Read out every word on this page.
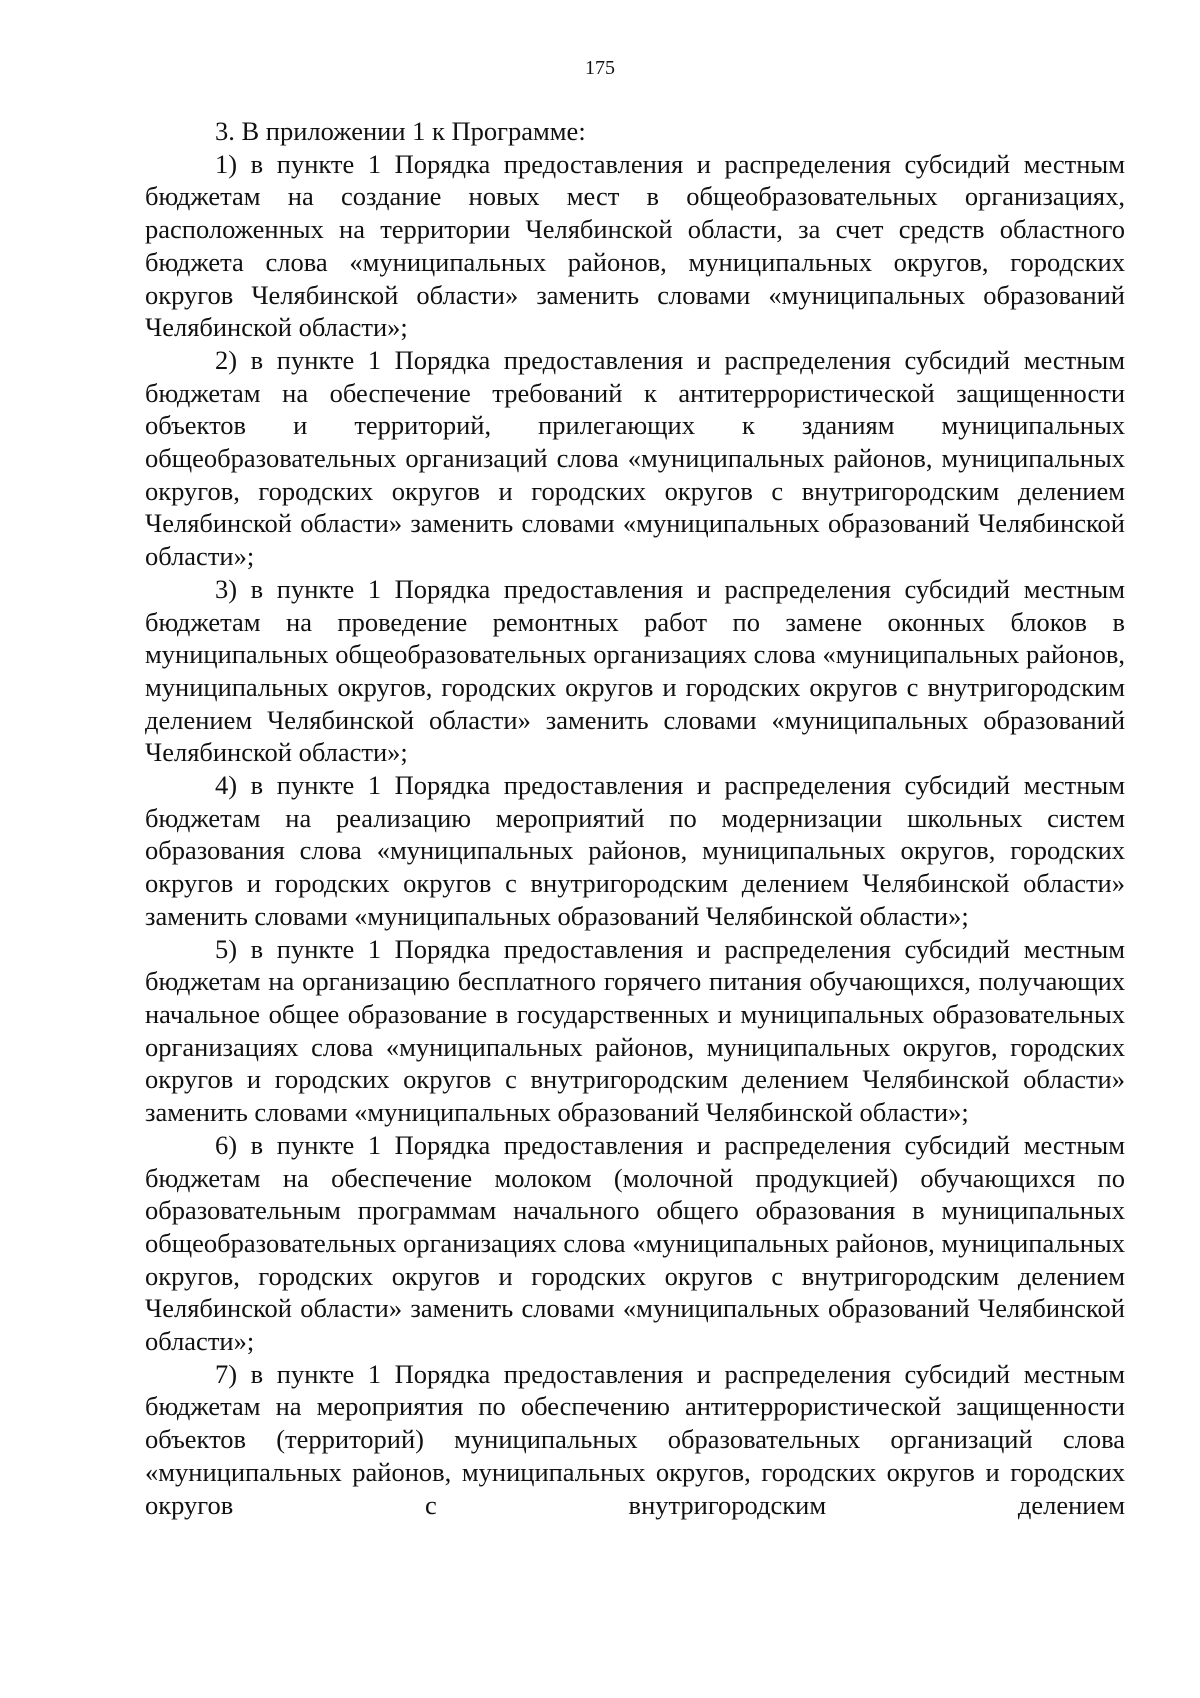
175

3. В приложении 1 к Программе:

1) в пункте 1 Порядка предоставления и распределения субсидий местным бюджетам на создание новых мест в общеобразовательных организациях, расположенных на территории Челябинской области, за счет средств областного бюджета слова «муниципальных районов, муниципальных округов, городских округов Челябинской области» заменить словами «муниципальных образований Челябинской области»;

2) в пункте 1 Порядка предоставления и распределения субсидий местным бюджетам на обеспечение требований к антитеррористической защищенности объектов и территорий, прилегающих к зданиям муниципальных общеобразовательных организаций слова «муниципальных районов, муниципальных округов, городских округов и городских округов с внутригородским делением Челябинской области» заменить словами «муниципальных образований Челябинской области»;

3) в пункте 1 Порядка предоставления и распределения субсидий местным бюджетам на проведение ремонтных работ по замене оконных блоков в муниципальных общеобразовательных организациях слова «муниципальных районов, муниципальных округов, городских округов и городских округов с внутригородским делением Челябинской области» заменить словами «муниципальных образований Челябинской области»;

4) в пункте 1 Порядка предоставления и распределения субсидий местным бюджетам на реализацию мероприятий по модернизации школьных систем образования слова «муниципальных районов, муниципальных округов, городских округов и городских округов с внутригородским делением Челябинской области» заменить словами «муниципальных образований Челябинской области»;

5) в пункте 1 Порядка предоставления и распределения субсидий местным бюджетам на организацию бесплатного горячего питания обучающихся, получающих начальное общее образование в государственных и муниципальных образовательных организациях слова «муниципальных районов, муниципальных округов, городских округов и городских округов с внутригородским делением Челябинской области» заменить словами «муниципальных образований Челябинской области»;

6) в пункте 1 Порядка предоставления и распределения субсидий местным бюджетам на обеспечение молоком (молочной продукцией) обучающихся по образовательным программам начального общего образования в муниципальных общеобразовательных организациях слова «муниципальных районов, муниципальных округов, городских округов и городских округов с внутригородским делением Челябинской области» заменить словами «муниципальных образований Челябинской области»;

7) в пункте 1 Порядка предоставления и распределения субсидий местным бюджетам на мероприятия по обеспечению антитеррористической защищенности объектов (территорий) муниципальных образовательных организаций слова «муниципальных районов, муниципальных округов, городских округов и городских округов с внутригородским делением
